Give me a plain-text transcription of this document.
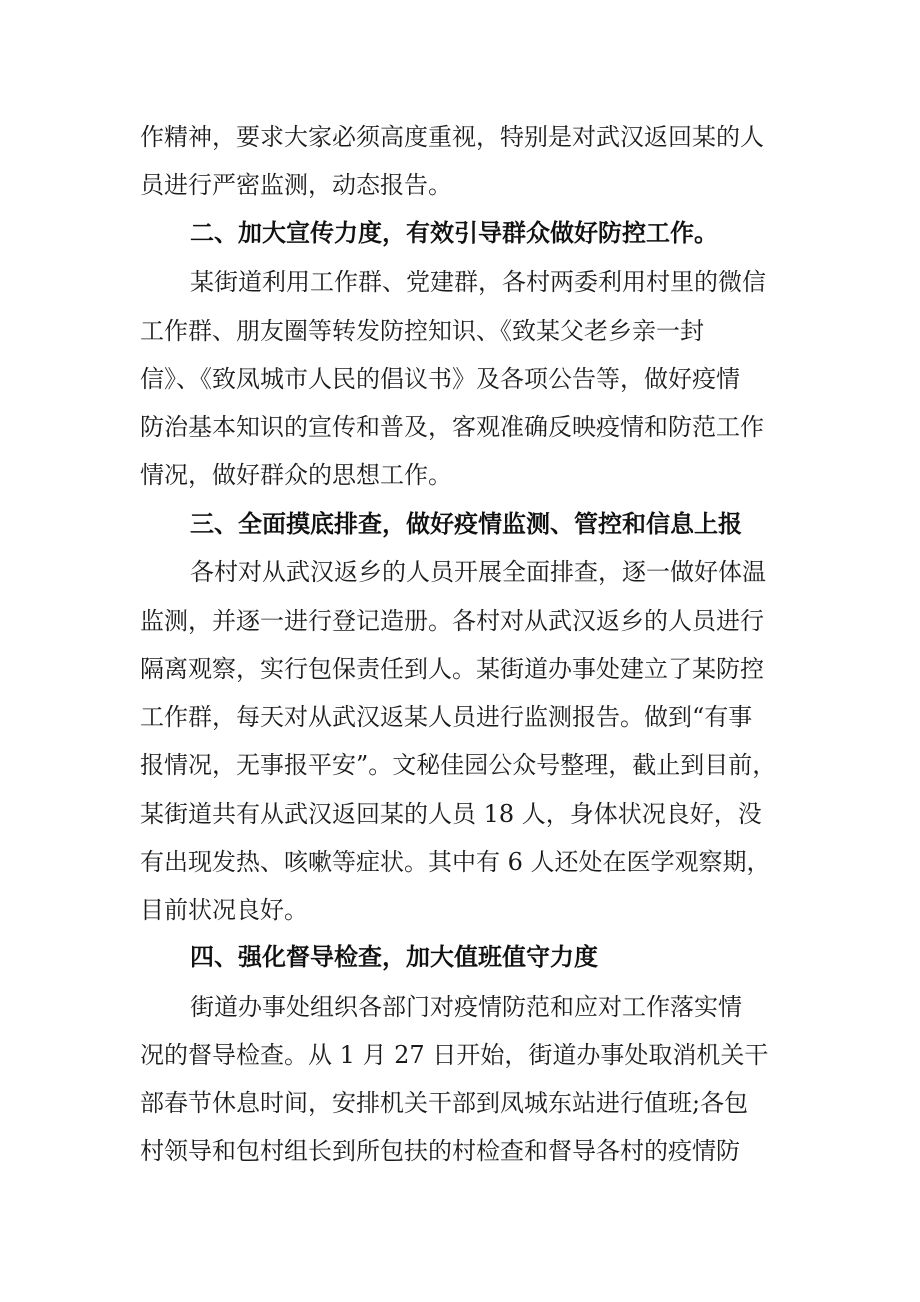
作精神，要求大家必须高度重视，特别是对武汉返回某的人
员进行严密监测，动态报告。
二、加大宣传力度，有效引导群众做好防控工作。
某街道利用工作群、党建群，各村两委利用村里的微信
工作群、朋友圈等转发防控知识、《致某父老乡亲一封
信》、《致凤城市人民的倡议书》及各项公告等，做好疫情
防治基本知识的宣传和普及，客观准确反映疫情和防范工作
情况，做好群众的思想工作。
三、全面摸底排查，做好疫情监测、管控和信息上报
各村对从武汉返乡的人员开展全面排查，逐一做好体温
监测，并逐一进行登记造册。各村对从武汉返乡的人员进行
隔离观察，实行包保责任到人。某街道办事处建立了某防控
工作群，每天对从武汉返某人员进行监测报告。做到“有事
报情况，无事报平安”。文秘佳园公众号整理，截止到目前，
某街道共有从武汉返回某的人员 18 人，身体状况良好，没
有出现发热、咳嗽等症状。其中有 6 人还处在医学观察期，
目前状况良好。
四、强化督导检查，加大值班值守力度
街道办事处组织各部门对疫情防范和应对工作落实情
况的督导检查。从 1 月 27 日开始，街道办事处取消机关干
部春节休息时间，安排机关干部到凤城东站进行值班;各包
村领导和包村组长到所包扶的村检查和督导各村的疫情防
